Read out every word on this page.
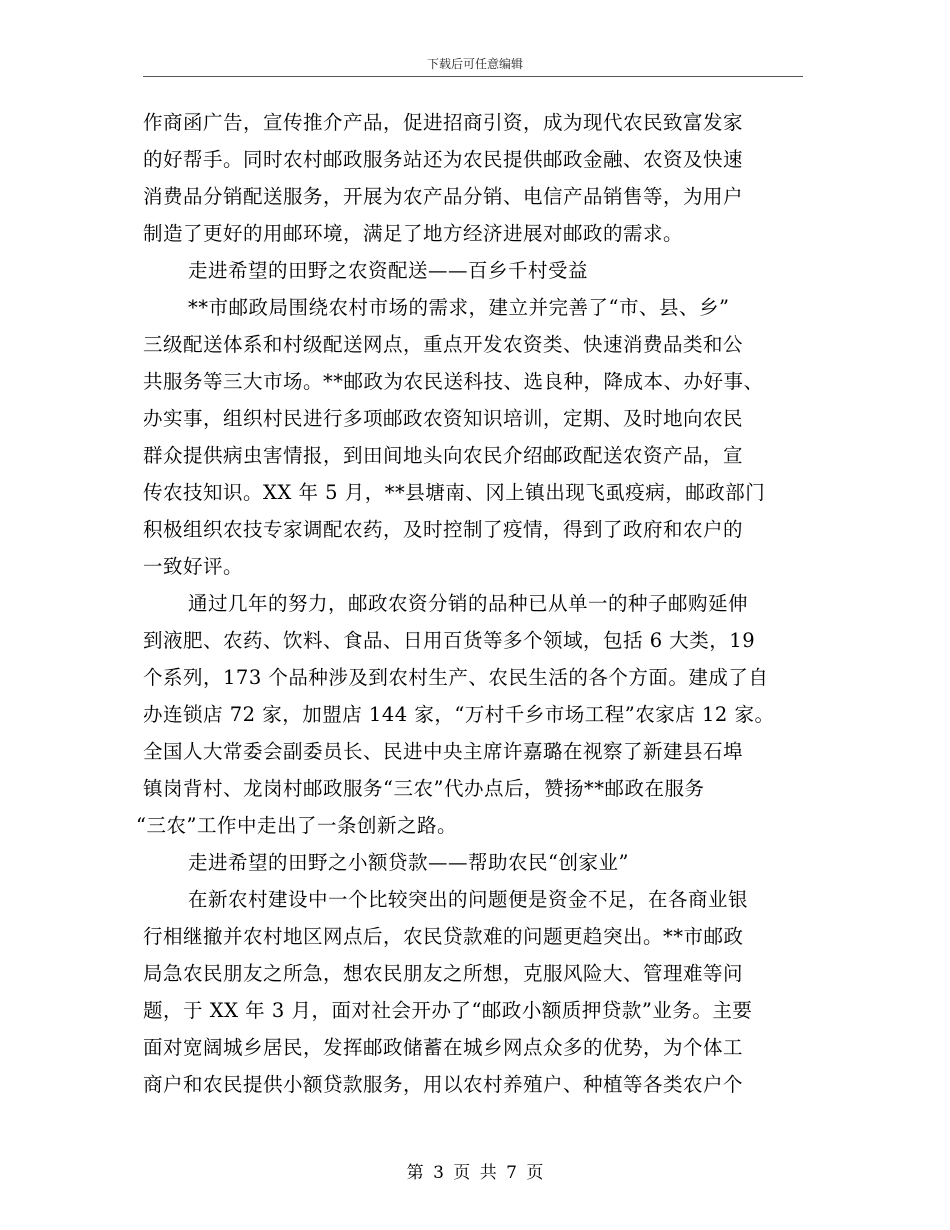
下载后可任意编辑
作商函广告，宣传推介产品，促进招商引资，成为现代农民致富发家
的好帮手。同时农村邮政服务站还为农民提供邮政金融、农资及快速
消费品分销配送服务，开展为农产品分销、电信产品销售等，为用户
制造了更好的用邮环境，满足了地方经济进展对邮政的需求。
走进希望的田野之农资配送——百乡千村受益
**市邮政局围绕农村市场的需求，建立并完善了“市、县、乡”
三级配送体系和村级配送网点，重点开发农资类、快速消费品类和公
共服务等三大市场。**邮政为农民送科技、选良种，降成本、办好事、
办实事，组织村民进行多项邮政农资知识培训，定期、及时地向农民
群众提供病虫害情报，到田间地头向农民介绍邮政配送农资产品，宣
传农技知识。XX 年 5 月，**县塘南、冈上镇出现飞虱疫病，邮政部门
积极组织农技专家调配农药，及时控制了疫情，得到了政府和农户的
一致好评。
通过几年的努力，邮政农资分销的品种已从单一的种子邮购延伸
到液肥、农药、饮料、食品、日用百货等多个领域，包括 6 大类，19
个系列，173 个品种涉及到农村生产、农民生活的各个方面。建成了自
办连锁店 72 家，加盟店 144 家，“万村千乡市场工程”农家店 12 家。
全国人大常委会副委员长、民进中央主席许嘉璐在视察了新建县石埠
镇岗背村、龙岗村邮政服务“三农”代办点后，赞扬**邮政在服务
“三农”工作中走出了一条创新之路。
走进希望的田野之小额贷款——帮助农民“创家业”
在新农村建设中一个比较突出的问题便是资金不足，在各商业银
行相继撤并农村地区网点后，农民贷款难的问题更趋突出。**市邮政
局急农民朋友之所急，想农民朋友之所想，克服风险大、管理难等问
题，于 XX 年 3 月，面对社会开办了“邮政小额质押贷款”业务。主要
面对宽阔城乡居民，发挥邮政储蓄在城乡网点众多的优势，为个体工
商户和农民提供小额贷款服务，用以农村养殖户、种植等各类农户个
第 3 页 共 7 页
